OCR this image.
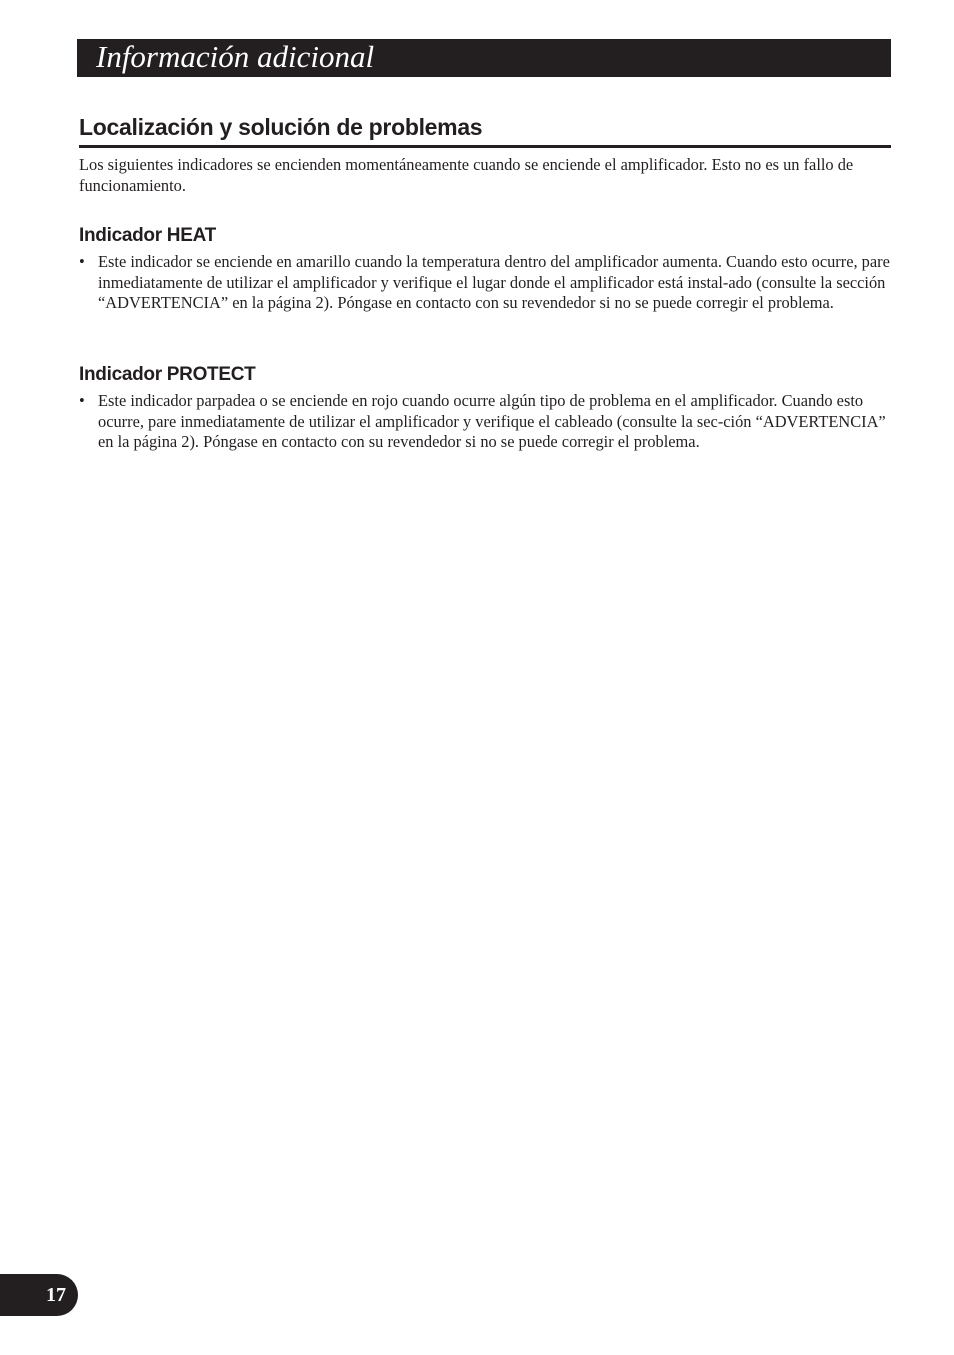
Información adicional
Localización y solución de problemas

Los siguientes indicadores se encienden momentáneamente cuando se enciende el amplificador. Esto no es un fallo de funcionamiento.

Indicador HEAT
• Este indicador se enciende en amarillo cuando la temperatura dentro del amplificador aumenta. Cuando esto ocurre, pare inmediatamente de utilizar el amplificador y verifique el lugar donde el amplificador está instal-ado (consulte la sección “ADVERTENCIA” en la página 2). Póngase en contacto con su revendedor si no se puede corregir el problema.

Indicador PROTECT
• Este indicador parpadea o se enciende en rojo cuando ocurre algún tipo de problema en el amplificador. Cuando esto ocurre, pare inmediatamente de utilizar el amplificador y verifique el cableado (consulte la sec-ción “ADVERTENCIA” en la página 2). Póngase en contacto con su revendedor si no se puede corregir el problema.

17
